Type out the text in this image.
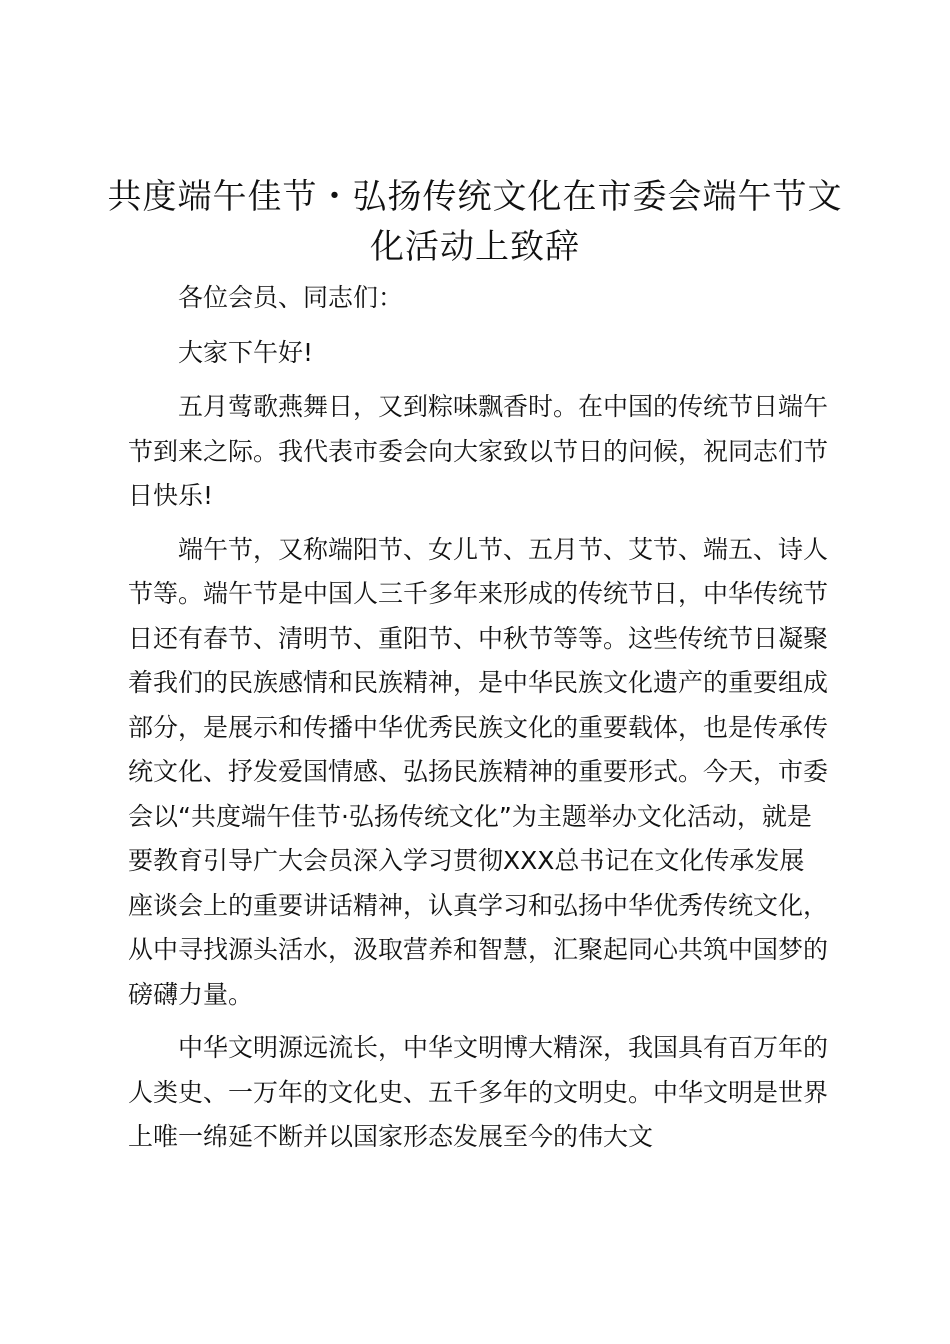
共度端午佳节・弘扬传统文化在市委会端午节文化活动上致辞

各位会员、同志们：

大家下午好!

五月莺歌燕舞日，又到粽味飘香时。在中国的传统节日端午节到来之际。我代表市委会向大家致以节日的问候，祝同志们节日快乐!

端午节，又称端阳节、女儿节、五月节、艾节、端五、诗人节等。端午节是中国人三千多年来形成的传统节日，中华传统节日还有春节、清明节、重阳节、中秋节等等。这些传统节日凝聚着我们的民族感情和民族精神，是中华民族文化遗产的重要组成部分，是展示和传播中华优秀民族文化的重要载体，也是传承传统文化、抒发爱国情感、弘扬民族精神的重要形式。今天，市委会以“共度端午佳节·弘扬传统文化”为主题举办文化活动，就是要教育引导广大会员深入学习贯彻XXX总书记在文化传承发展座谈会上的重要讲话精神，认真学习和弘扬中华优秀传统文化，从中寻找源头活水，汲取营养和智慧，汇聚起同心共筑中国梦的磅礴力量。

中华文明源远流长，中华文明博大精深，我国具有百万年的人类史、一万年的文化史、五千多年的文明史。中华文明是世界上唯一绵延不断并以国家形态发展至今的伟大文
